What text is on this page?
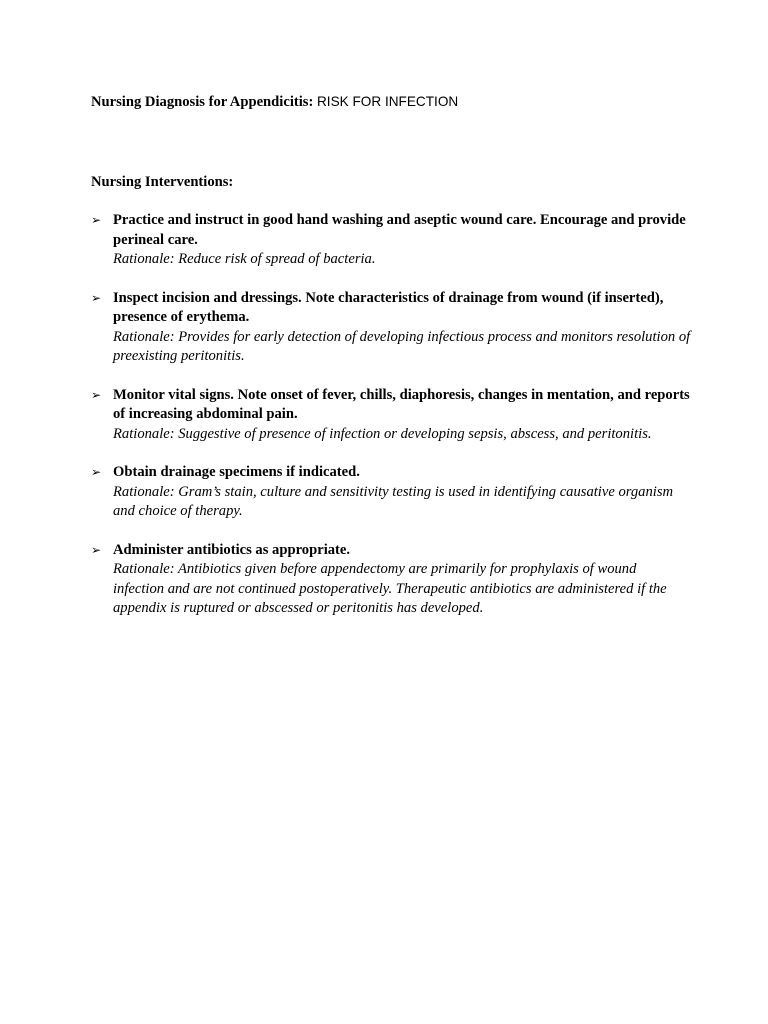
Nursing Diagnosis for Appendicitis: RISK FOR INFECTION

Nursing Interventions:

➢ Practice and instruct in good hand washing and aseptic wound care. Encourage and provide perineal care.
Rationale: Reduce risk of spread of bacteria.
➢ Inspect incision and dressings. Note characteristics of drainage from wound (if inserted), presence of erythema.
Rationale: Provides for early detection of developing infectious process and monitors resolution of preexisting peritonitis.
➢ Monitor vital signs. Note onset of fever, chills, diaphoresis, changes in mentation, and reports of increasing abdominal pain.
Rationale: Suggestive of presence of infection or developing sepsis, abscess, and peritonitis.
➢ Obtain drainage specimens if indicated.
Rationale: Gram’s stain, culture and sensitivity testing is used in identifying causative organism and choice of therapy.
➢ Administer antibiotics as appropriate.
Rationale: Antibiotics given before appendectomy are primarily for prophylaxis of wound infection and are not continued postoperatively. Therapeutic antibiotics are administered if the appendix is ruptured or abscessed or peritonitis has developed.
